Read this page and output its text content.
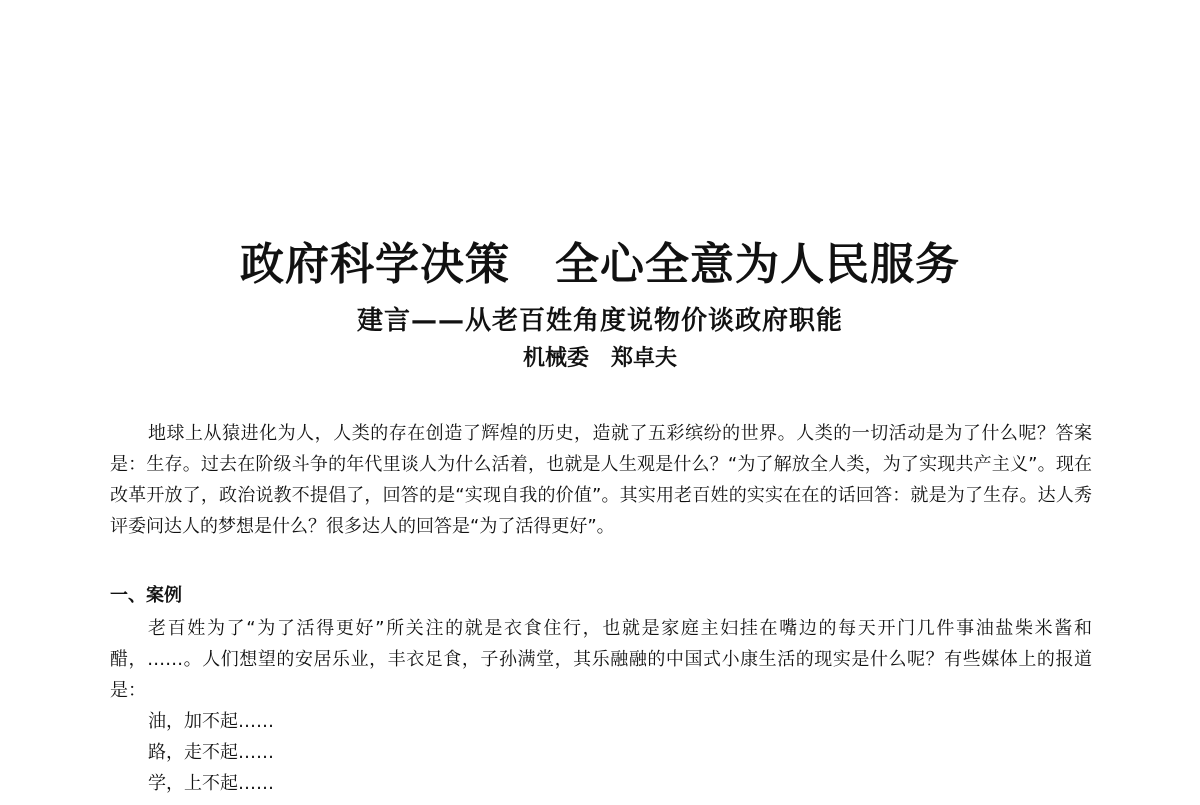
政府科学决策　全心全意为人民服务
建言——从老百姓角度说物价谈政府职能
机械委　郑卓夫

地球上从猿进化为人，人类的存在创造了辉煌的历史，造就了五彩缤纷的世界。人类的一切活动是为了什么呢？答案是：生存。过去在阶级斗争的年代里谈人为什么活着，也就是人生观是什么？“为了解放全人类，为了实现共产主义”。现在改革开放了，政治说教不提倡了，回答的是“实现自我的价值”。其实用老百姓的实实在在的话回答：就是为了生存。达人秀评委问达人的梦想是什么？很多达人的回答是“为了活得更好”。

一、案例

老百姓为了“为了活得更好”所关注的就是衣食住行，也就是家庭主妇挂在嘴边的每天开门几件事油盐柴米酱和醋，……。人们想望的安居乐业，丰衣足食，子孙满堂，其乐融融的中国式小康生活的现实是什么呢？有些媒体上的报道是：

油，加不起……
路，走不起……
学，上不起……
